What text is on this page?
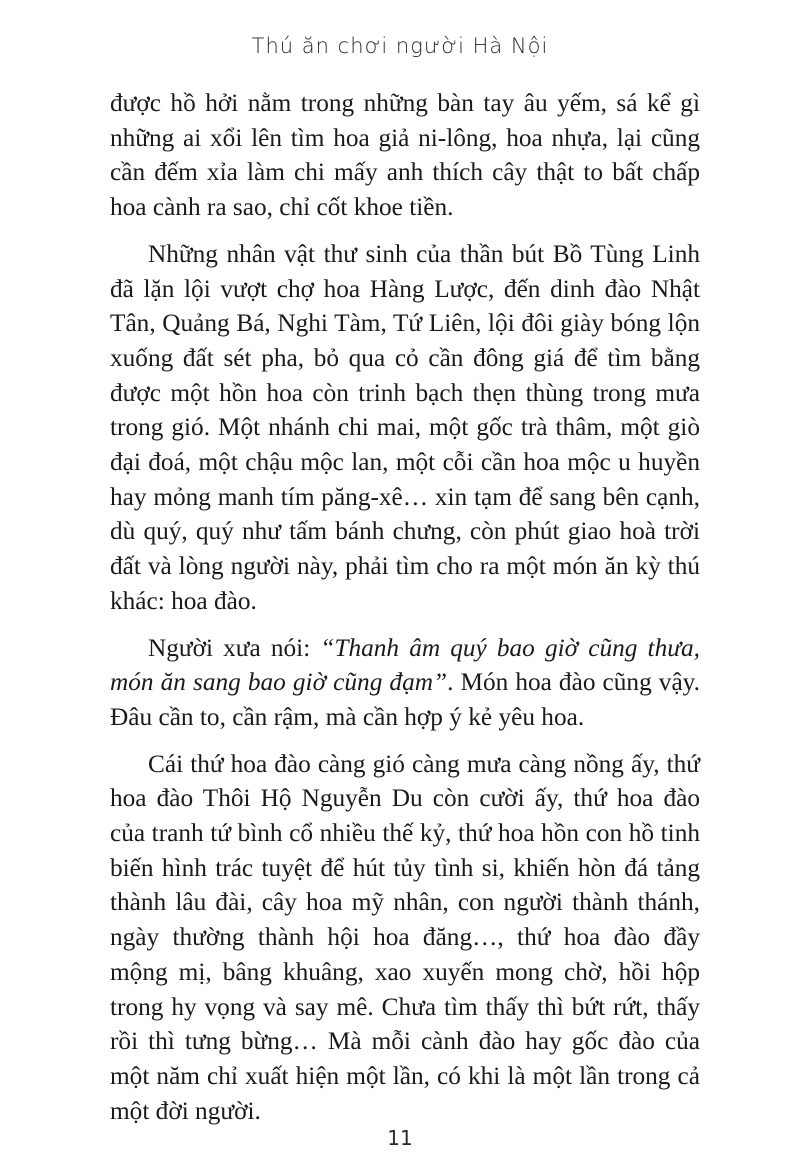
Thú ăn chơi người Hà Nội

được hồ hởi nằm trong những bàn tay âu yếm, sá kể gì những ai xổi lên tìm hoa giả ni-lông, hoa nhựa, lại cũng cần đếm xỉa làm chi mấy anh thích cây thật to bất chấp hoa cành ra sao, chỉ cốt khoe tiền.

Những nhân vật thư sinh của thần bút Bồ Tùng Linh đã lặn lội vượt chợ hoa Hàng Lược, đến dinh đào Nhật Tân, Quảng Bá, Nghi Tàm, Tứ Liên, lội đôi giày bóng lộn xuống đất sét pha, bỏ qua cỏ cần đông giá để tìm bằng được một hồn hoa còn trinh bạch thẹn thùng trong mưa trong gió. Một nhánh chi mai, một gốc trà thâm, một giò đại đoá, một chậu mộc lan, một cỗi cần hoa mộc u huyền hay mỏng manh tím păng-xê… xin tạm để sang bên cạnh, dù quý, quý như tấm bánh chưng, còn phút giao hoà trời đất và lòng người này, phải tìm cho ra một món ăn kỳ thú khác: hoa đào.

Người xưa nói: “Thanh âm quý bao giờ cũng thưa, món ăn sang bao giờ cũng đạm”. Món hoa đào cũng vậy. Đâu cần to, cần rậm, mà cần hợp ý kẻ yêu hoa.

Cái thứ hoa đào càng gió càng mưa càng nồng ấy, thứ hoa đào Thôi Hộ Nguyễn Du còn cười ấy, thứ hoa đào của tranh tứ bình cổ nhiều thế kỷ, thứ hoa hồn con hồ tinh biến hình trác tuyệt để hút tủy tình si, khiến hòn đá tảng thành lâu đài, cây hoa mỹ nhân, con người thành thánh, ngày thường thành hội hoa đăng…, thứ hoa đào đầy mộng mị, bâng khuâng, xao xuyến mong chờ, hồi hộp trong hy vọng và say mê. Chưa tìm thấy thì bứt rứt, thấy rồi thì tưng bừng… Mà mỗi cành đào hay gốc đào của một năm chỉ xuất hiện một lần, có khi là một lần trong cả một đời người.

11
